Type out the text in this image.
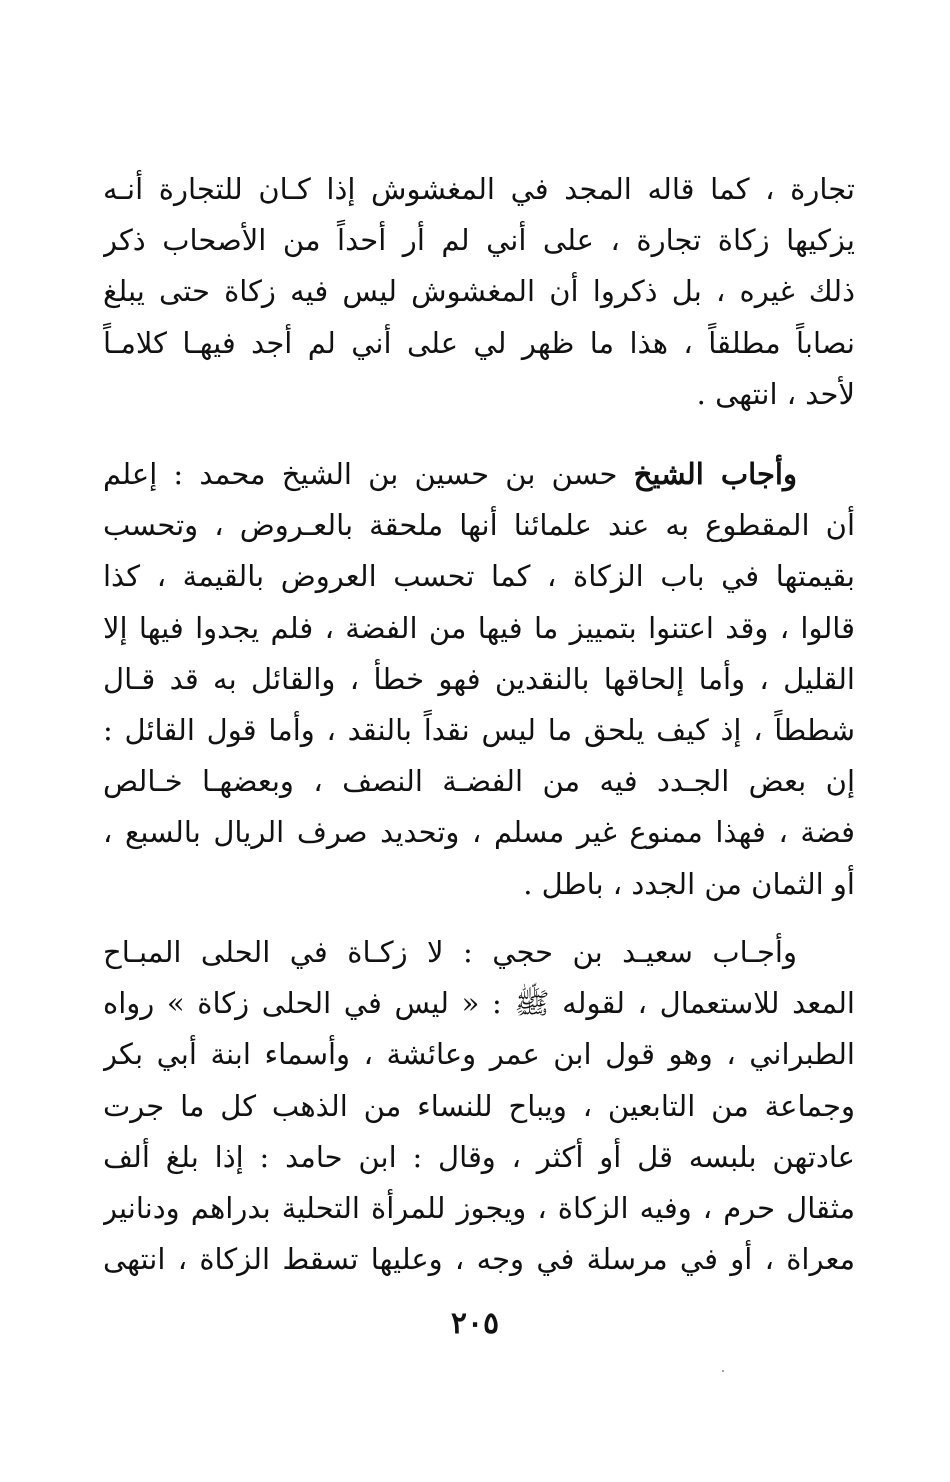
تجارة ، كما قاله المجد في المغشوش إذا كـان للتجارة أنـه
يزكيها زكاة تجارة ، على أني لم أر أحداً من الأصحاب ذكر
ذلك غيره ، بل ذكروا أن المغشوش ليس فيه زكاة حتى يبلغ
نصاباً مطلقاً ، هذا ما ظهر لي على أني لم أجد فيهـا كلامـاً
لأحد ، انتهى .
وأجاب الشيخ حسن بن حسين بن الشيخ محمد : إعلم
أن المقطوع به عند علمائنا أنها ملحقة بالعـروض ، وتحسب
بقيمتها في باب الزكاة ، كما تحسب العروض بالقيمة ، كذا
قالوا ، وقد اعتنوا بتمييز ما فيها من الفضة ، فلم يجدوا فيها إلا
القليل ، وأما إلحاقها بالنقدين فهو خطأ ، والقائل به قد قـال
شططاً ، إذ كيف يلحق ما ليس نقداً بالنقد ، وأما قول القائل :
إن بعض الجـدد فيه من الفضـة النصف ، وبعضهـا خـالص
فضة ، فهذا ممنوع غير مسلم ، وتحديد صرف الريال بالسبع ،
أو الثمان من الجدد ، باطل .
وأجـاب سعيـد بن حجي : لا زكـاة في الحلى المبـاح
المعد للاستعمال ، لقوله ﷺ : « ليس في الحلى زكاة » رواه
الطبراني ، وهو قول ابن عمر وعائشة ، وأسماء ابنة أبي بكر
وجماعة من التابعين ، ويباح للنساء من الذهب كل ما جرت
عادتهن بلبسه قل أو أكثر ، وقال : ابن حامد : إذا بلغ ألف
مثقال حرم ، وفيه الزكاة ، ويجوز للمرأة التحلية بدراهم ودنانير
معراة ، أو في مرسلة في وجه ، وعليها تسقط الزكاة ، انتهى
٢٠٥
